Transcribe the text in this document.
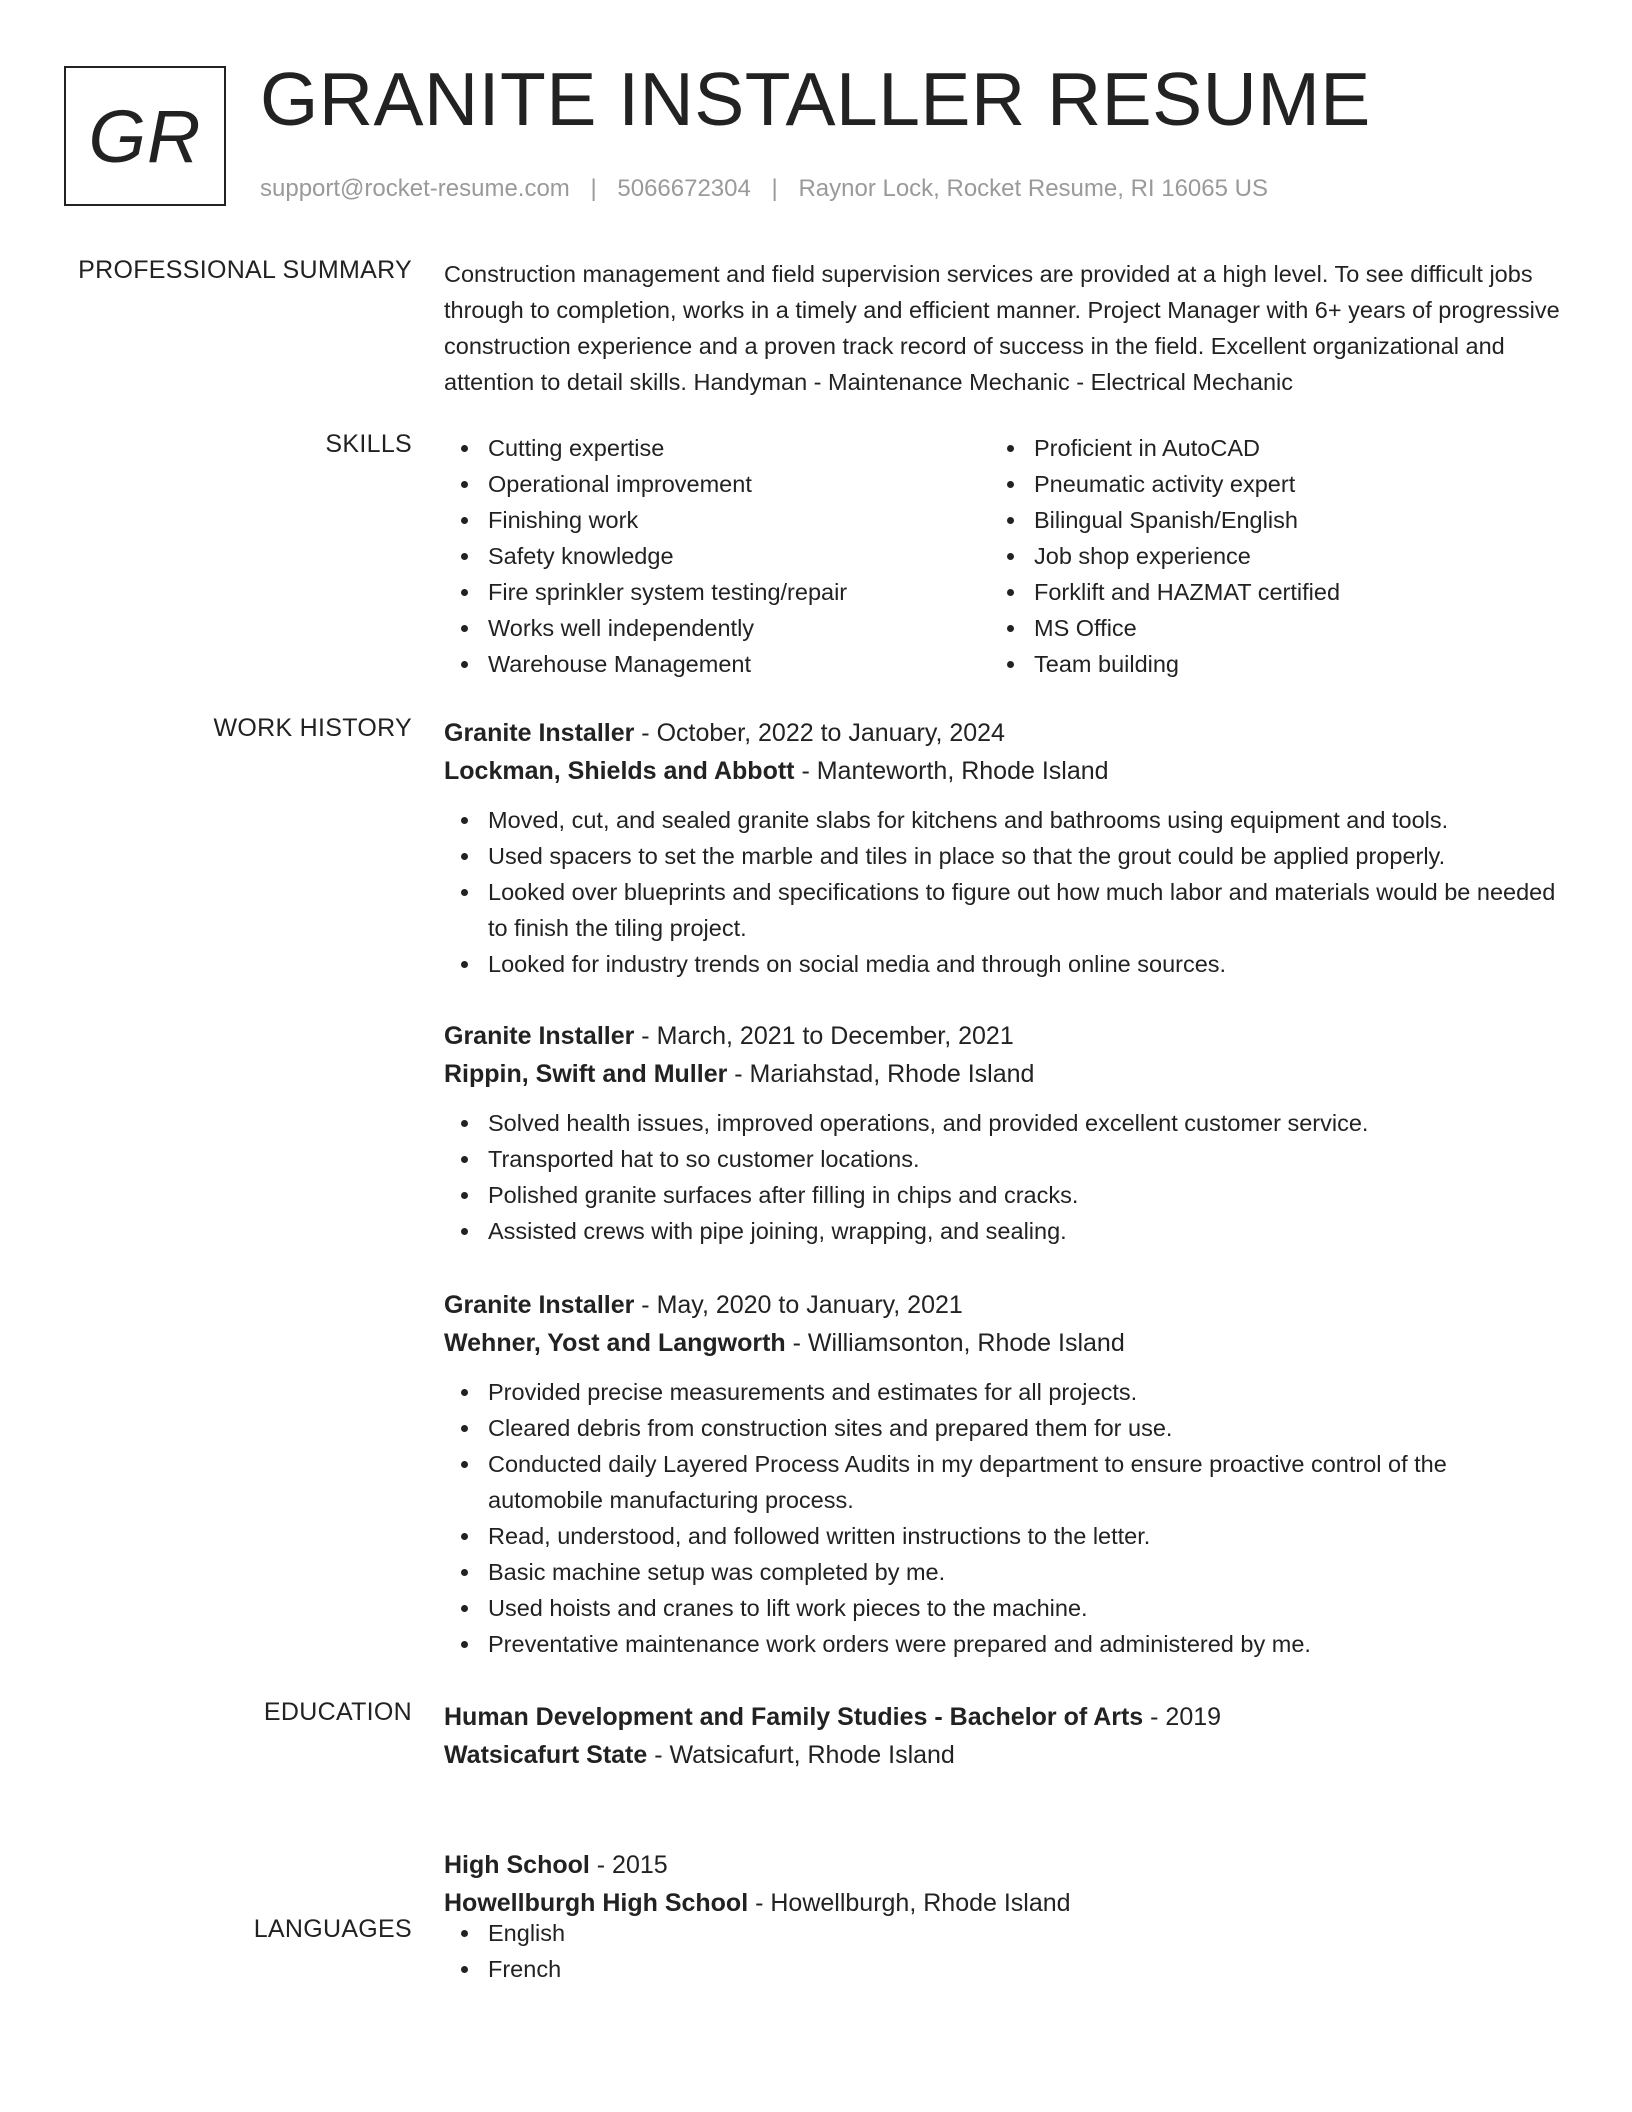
GR GRANITE INSTALLER RESUME
support@rocket-resume.com | 5066672304 | Raynor Lock, Rocket Resume, RI 16065 US
PROFESSIONAL SUMMARY Construction management and field supervision services are provided at a high level. To see difficult jobs through to completion, works in a timely and efficient manner. Project Manager with 6+ years of progressive construction experience and a proven track record of success in the field. Excellent organizational and attention to detail skills. Handyman - Maintenance Mechanic - Electrical Mechanic

SKILLS	Cutting expertise
Operational improvement
Finishing work
Safety knowledge
Fire sprinkler system testing/repair
Works well independently
Warehouse Management
Proficient in AutoCAD
Pneumatic activity expert
Bilingual Spanish/English
Job shop experience
Forklift and HAZMAT certified
MS Office
Team building
WORK HISTORY Granite Installer - October, 2022 to January, 2024
Lockman, Shields and Abbott - Manteworth, Rhode Island
Moved, cut, and sealed granite slabs for kitchens and bathrooms using equipment and tools.
Used spacers to set the marble and tiles in place so that the grout could be applied properly.
Looked over blueprints and specifications to figure out how much labor and materials would be needed to finish the tiling project.
Looked for industry trends on social media and through online sources.
Granite Installer - March, 2021 to December, 2021
Rippin, Swift and Muller - Mariahstad, Rhode Island
Solved health issues, improved operations, and provided excellent customer service.
Transported hat to so customer locations.
Polished granite surfaces after filling in chips and cracks.
Assisted crews with pipe joining, wrapping, and sealing.
Granite Installer - May, 2020 to January, 2021
Wehner, Yost and Langworth - Williamsonton, Rhode Island
Provided precise measurements and estimates for all projects.
Cleared debris from construction sites and prepared them for use.
Conducted daily Layered Process Audits in my department to ensure proactive control of the automobile manufacturing process.
Read, understood, and followed written instructions to the letter.
Basic machine setup was completed by me.
Used hoists and cranes to lift work pieces to the machine.
Preventative maintenance work orders were prepared and administered by me.
EDUCATION Human Development and Family Studies - Bachelor of Arts - 2019
Watsicafurt State - Watsicafurt, Rhode Island
High School - 2015
Howellburgh High School - Howellburgh, Rhode Island
LANGUAGES	English
French
